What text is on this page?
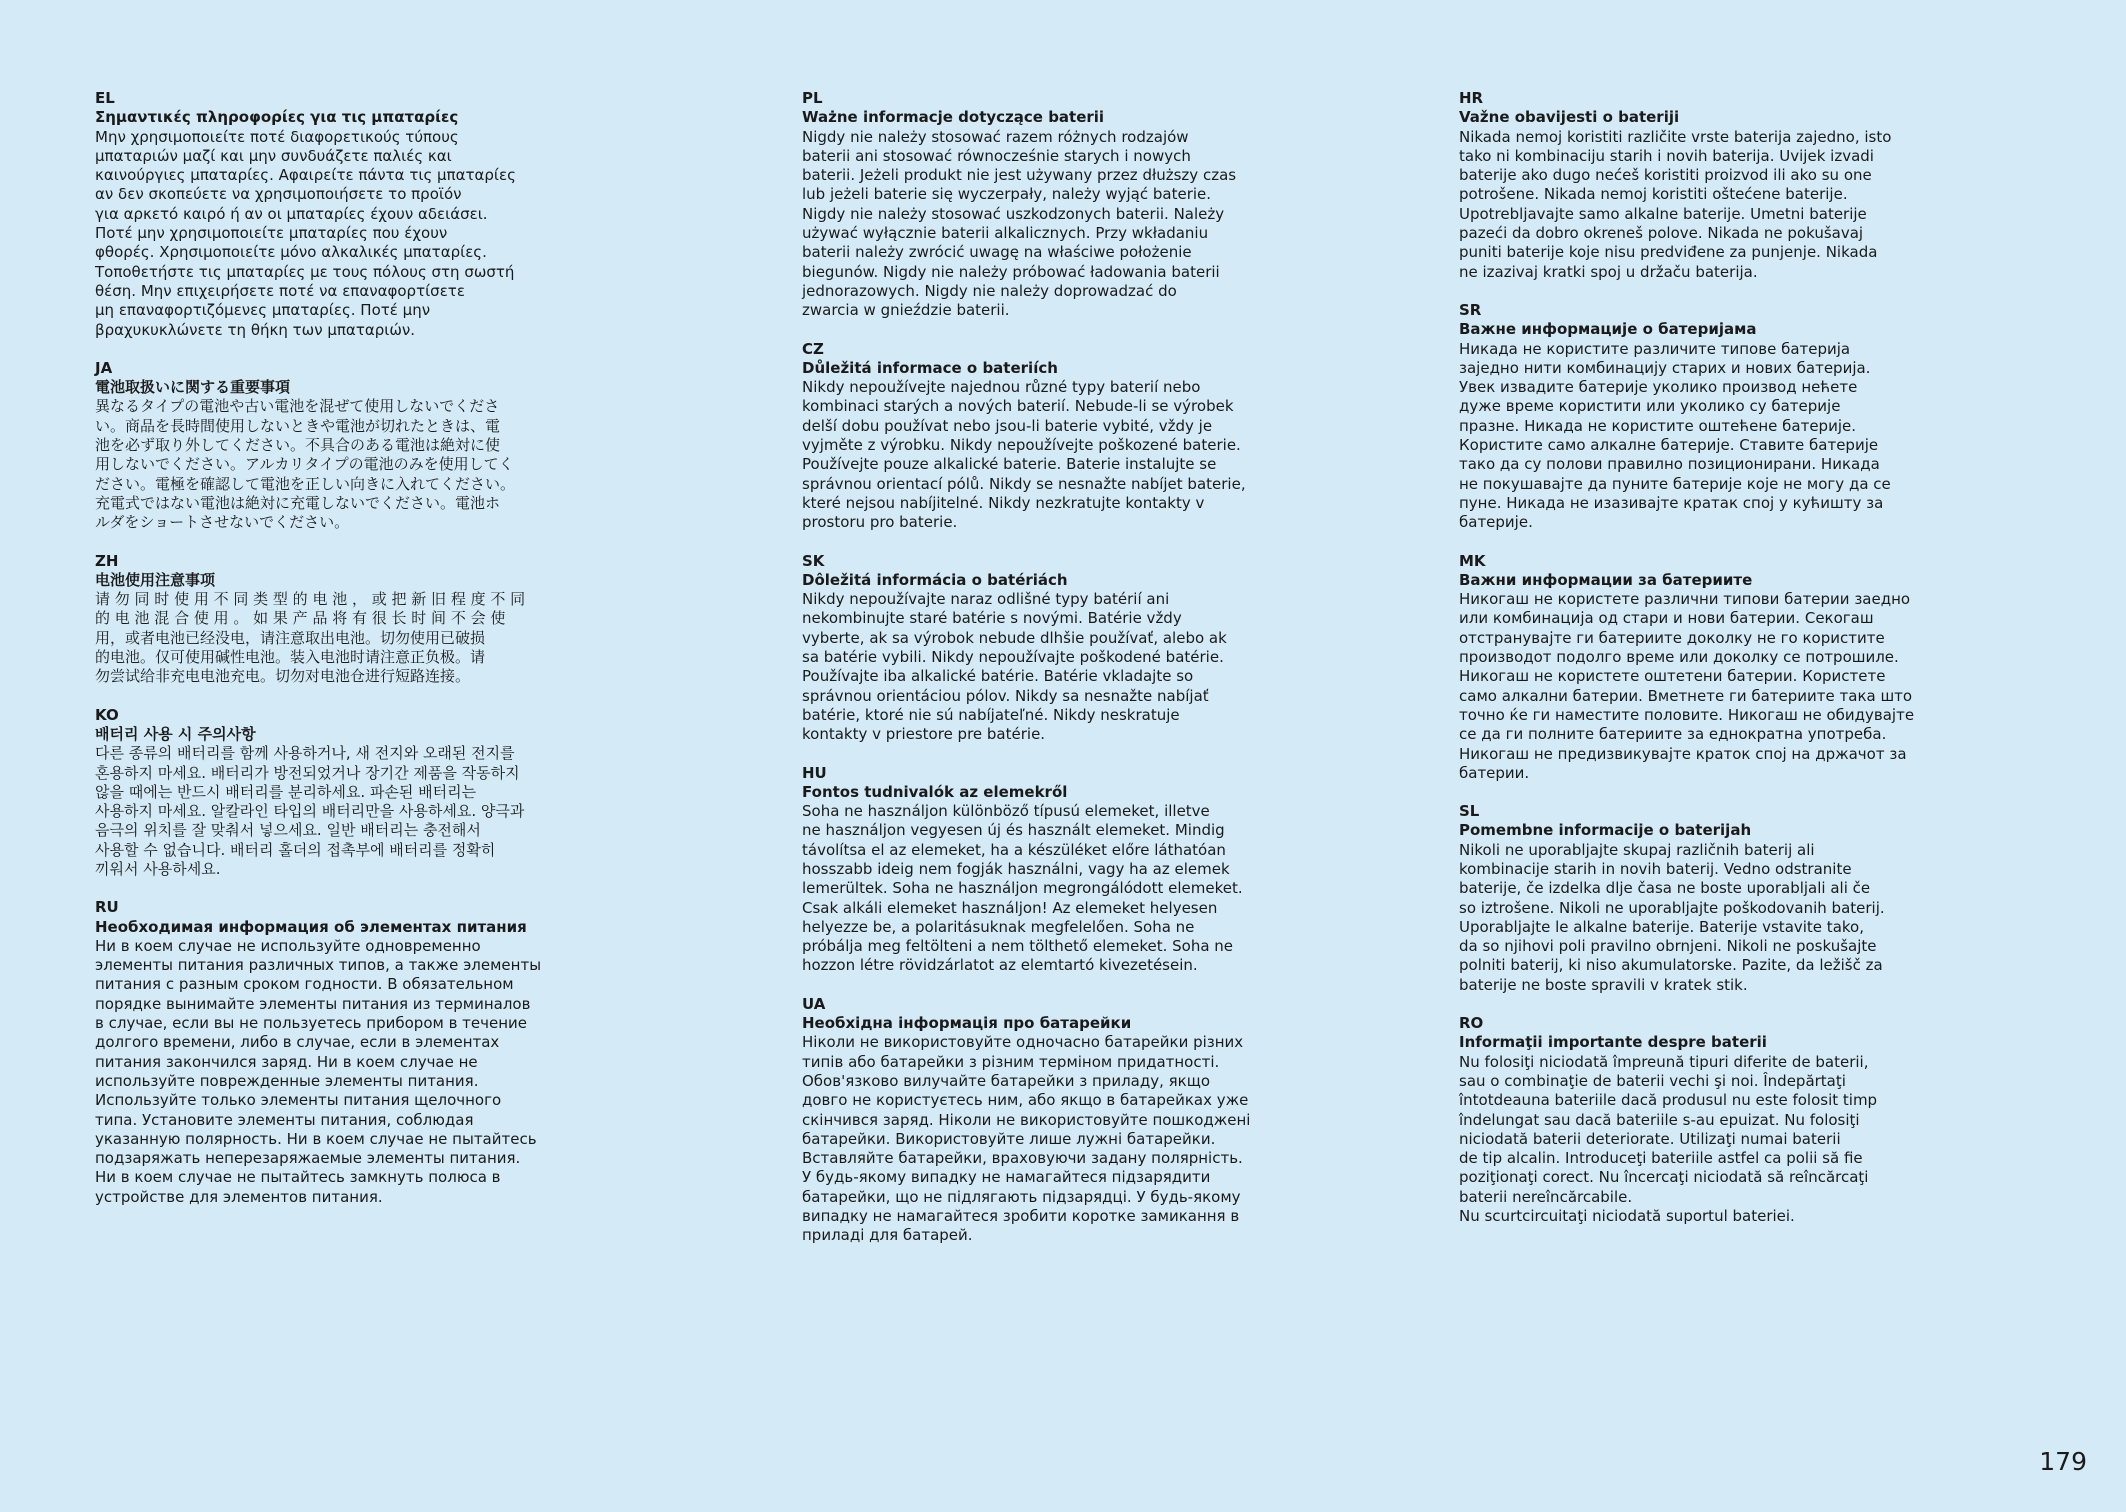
EL
Σημαντικές πληροφορίες για τις μπαταρίες
Μην χρησιμοποιείτε ποτέ διαφορετικούς τύπους
μπαταριών μαζί και μην συνδυάζετε παλιές και
καινούργιες μπαταρίες. Αφαιρείτε πάντα τις μπαταρίες
αν δεν σκοπεύετε να χρησιμοποιήσετε το προϊόν
για αρκετό καιρό ή αν οι μπαταρίες έχουν αδειάσει.
Ποτέ μην χρησιμοποιείτε μπαταρίες που έχουν
φθορές. Χρησιμοποιείτε μόνο αλκαλικές μπαταρίες.
Τοποθετήστε τις μπαταρίες με τους πόλους στη σωστή
θέση. Μην επιχειρήσετε ποτέ να επαναφορτίσετε
μη επαναφορτιζόμενες μπαταρίες. Ποτέ μην
βραχυκυκλώνετε τη θήκη των μπαταριών.
JA
電池取扱いに関する重要事項
異なるタイプの電池や古い電池を混ぜて使用しないでくださ
い。商品を長時間使用しないときや電池が切れたときは、電
池を必ず取り外してください。不具合のある電池は絶対に使
用しないでください。アルカリタイプの電池のみを使用してく
ださい。電極を確認して電池を正しい向きに入れてください。
充電式ではない電池は絶対に充電しないでください。電池ホ
ルダをショートさせないでください。
ZH
电池使用注意事项
请 勿 同 时 使 用 不 同 类 型 的 电 池 ， 或 把 新 旧 程 度 不 同
的 电 池 混 合 使 用 。 如 果 产 品 将 有 很 长 时 间 不 会 使
用，或者电池已经没电，请注意取出电池。切勿使用已破损
的电池。仅可使用碱性电池。装入电池时请注意正负极。请
勿尝试给非充电电池充电。切勿对电池仓进行短路连接。
KO
배터리 사용 시 주의사항
다른 종류의 배터리를 함께 사용하거나, 새 전지와 오래된 전지를
혼용하지 마세요. 배터리가 방전되었거나 장기간 제품을 작동하지
않을 때에는 반드시 배터리를 분리하세요. 파손된 배터리는
사용하지 마세요. 알칼라인 타입의 배터리만을 사용하세요. 양극과
음극의 위치를 잘 맞춰서 넣으세요. 일반 배터리는 충전해서
사용할 수 없습니다. 배터리 홀더의 접촉부에 배터리를 정확히
끼워서 사용하세요.
RU
Необходимая информация об элементах питания
Ни в коем случае не используйте одновременно
элементы питания различных типов, а также элементы
питания с разным сроком годности. В обязательном
порядке вынимайте элементы питания из терминалов
в случае, если вы не пользуетесь прибором в течение
долгого времени, либо в случае, если в элементах
питания закончился заряд. Ни в коем случае не
используйте поврежденные элементы питания.
Используйте только элементы питания щелочного
типа. Установите элементы питания, соблюдая
указанную полярность. Ни в коем случае не пытайтесь
подзаряжать неперезаряжаемые элементы питания.
Ни в коем случае не пытайтесь замкнуть полюса в
устройстве для элементов питания.
PL
Ważne informacje dotyczące baterii
Nigdy nie należy stosować razem różnych rodzajów
baterii ani stosować równocześnie starych i nowych
baterii. Jeżeli produkt nie jest używany przez dłuższy czas
lub jeżeli baterie się wyczerpały, należy wyjąć baterie.
Nigdy nie należy stosować uszkodzonych baterii. Należy
używać wyłącznie baterii alkalicznych. Przy wkładaniu
baterii należy zwrócić uwagę na właściwe położenie
biegunów. Nigdy nie należy próbować ładowania baterii
jednorazowych. Nigdy nie należy doprowadzać do
zwarcia w gnieździe baterii.
CZ
Důležitá informace o bateriích
Nikdy nepoužívejte najednou různé typy baterií nebo
kombinaci starých a nových baterií. Nebude-li se výrobek
delší dobu používat nebo jsou-li baterie vybité, vždy je
vyjměte z výrobku. Nikdy nepoužívejte poškozené baterie.
Používejte pouze alkalické baterie. Baterie instalujte se
správnou orientací pólů. Nikdy se nesnažte nabíjet baterie,
které nejsou nabíjitelné. Nikdy nezkratujte kontakty v
prostoru pro baterie.
SK
Dôležitá informácia o batériách
Nikdy nepoužívajte naraz odlišné typy batérií ani
nekombinujte staré batérie s novými. Batérie vždy
vyberte, ak sa výrobok nebude dlhšie používať, alebo ak
sa batérie vybili. Nikdy nepoužívajte poškodené batérie.
Používajte iba alkalické batérie. Batérie vkladajte so
správnou orientáciou pólov. Nikdy sa nesnažte nabíjať
batérie, ktoré nie sú nabíjateľné. Nikdy neskratuje
kontakty v priestore pre batérie.
HU
Fontos tudnivalók az elemekről
Soha ne használjon különböző típusú elemeket, illetve
ne használjon vegyesen új és használt elemeket. Mindig
távolítsa el az elemeket, ha a készüléket előre láthatóan
hosszabb ideig nem fogják használni, vagy ha az elemek
lemerültek. Soha ne használjon megrongálódott elemeket.
Csak alkáli elemeket használjon! Az elemeket helyesen
helyezze be, a polaritásuknak megfelelően. Soha ne
próbálja meg feltölteni a nem tölthető elemeket. Soha ne
hozzon létre rövidzárlatot az elemtartó kivezetésein.
UA
Необхідна інформація про батарейки
Ніколи не використовуйте одночасно батарейки різних
типів або батарейки з різним терміном придатності.
Обов'язково вилучайте батарейки з приладу, якщо
довго не користуєтесь ним, або якщо в батарейках уже
скінчився заряд. Ніколи не використовуйте пошкоджені
батарейки. Використовуйте лише лужні батарейки.
Вставляйте батарейки, враховуючи задану полярність.
У будь-якому випадку не намагайтеся підзарядити
батарейки, що не підлягають підзарядці. У будь-якому
випадку не намагайтеся зробити коротке замикання в
приладі для батарей.
HR
Važne obavijesti o bateriji
Nikada nemoj koristiti različite vrste baterija zajedno, isto
tako ni kombinaciju starih i novih baterija. Uvijek izvadi
baterije ako dugo nećeš koristiti proizvod ili ako su one
potrošene. Nikada nemoj koristiti oštećene baterije.
Upotrebljavajte samo alkalne baterije. Umetni baterije
pazeći da dobro okreneš polove. Nikada ne pokušavaj
puniti baterije koje nisu predviđene za punjenje. Nikada
ne izazivaj kratki spoj u držaču baterija.
SR
Важне информације о батеријама
Никада не користите различите типове батерија
заједно нити комбинацију старих и нових батерија.
Увек извадите батерије уколико производ нећете
дуже време користити или уколико су батерије
празне. Никада не користите оштећене батерије.
Користите само алкалне батерије. Ставите батерије
тако да су полови правилно позиционирани. Никада
не покушавајте да пуните батерије које не могу да се
пуне. Никада не изазивајте кратак спој у кућишту за
батерије.
MK
Важни информации за батериите
Никогаш не користете различни типови батерии заедно
или комбинација од стари и нови батерии. Секогаш
отстранувајте ги батериите доколку не го користите
производот подолго време или доколку се потрошиле.
Никогаш не користете оштетени батерии. Користете
само алкални батерии. Вметнете ги батериите така што
точно ќе ги наместите половите. Никогаш не обидувајте
се да ги полните батериите за еднократна употреба.
Никогаш не предизвикувајте краток спој на држачот за
батерии.
SL
Pomembne informacije o baterijah
Nikoli ne uporabljajte skupaj različnih baterij ali
kombinacije starih in novih baterij. Vedno odstranite
baterije, če izdelka dlje časa ne boste uporabljali ali če
so iztrošene. Nikoli ne uporabljajte poškodovanih baterij.
Uporabljajte le alkalne baterije. Baterije vstavite tako,
da so njihovi poli pravilno obrnjeni. Nikoli ne poskušajte
polniti baterij, ki niso akumulatorske. Pazite, da ležišč za
baterije ne boste spravili v kratek stik.
RO
Informaţii importante despre baterii
Nu folosiţi niciodată împreună tipuri diferite de baterii,
sau o combinaţie de baterii vechi şi noi. Îndepărtaţi
întotdeauna bateriile dacă produsul nu este folosit timp
îndelungat sau dacă bateriile s-au epuizat. Nu folosiţi
niciodată baterii deteriorate. Utilizaţi numai baterii
de tip alcalin. Introduceţi bateriile astfel ca polii să fie
poziţionaţi corect. Nu încercaţi niciodată să reîncărcaţi
baterii nereîncărcabile.
Nu scurtcircuitaţi niciodată suportul bateriei.
179
